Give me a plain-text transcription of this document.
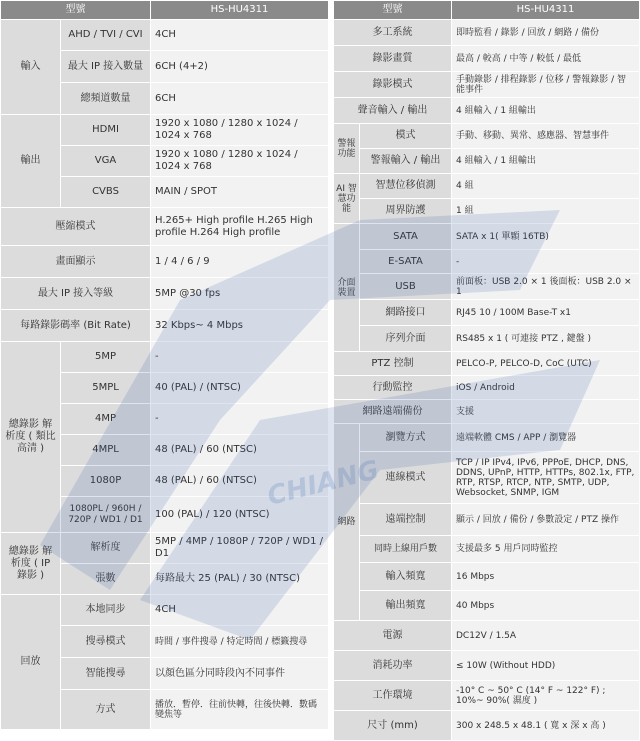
型號		HS-HU4311
輸入	AHD / TVI / CVI	4CH
	最大 IP 接入數量	6CH (4+2)
	總頻道數量	6CH
輸出	HDMI	1920 x 1080 / 1280 x 1024 / 1024 x 768
	VGA	1920 x 1080 / 1280 x 1024 / 1024 x 768
	CVBS	MAIN / SPOT
壓縮模式		H.265+ High profile H.265 High profile H.264 High profile
畫面顯示		1 / 4 / 6 / 9
最大 IP 接入等級		5MP @30 fps
每路錄影碼率 (Bit Rate)		32 Kbps~ 4 Mbps
總錄影 解析度 ( 類比高清 )	5MP	-
	5MPL	40 (PAL) / (NTSC)
	4MP	-
	4MPL	48 (PAL) / 60 (NTSC)
	1080P	48 (PAL) / 60 (NTSC)
	1080PL / 960H / 720P / WD1 / D1	100 (PAL) / 120 (NTSC)
總錄影 解析度 ( IP 錄影 )	解析度	5MP / 4MP / 1080P / 720P / WD1 / D1
	張數	每路最大 25 (PAL) / 30 (NTSC)
回放	本地同步	4CH
	搜尋模式	時間 / 事件搜尋 / 特定時間 / 標籤搜尋
	智能搜尋	以顏色區分同時段內不同事件
	方式	播放．暫停．往前快轉，往後快轉．數碼變焦等
型號		HS-HU4311
多工系統		即時監看 / 錄影 / 回放 / 網路 / 備份
錄影畫質		最高 / 較高 / 中等 / 較低 / 最低
錄影模式		手動錄影 / 排程錄影 / 位移 / 警報錄影 / 智能事件
聲音輸入 / 輸出		4 組輸入 / 1 組輸出
警報 功能	模式	手動、移動、異常、感應器、智慧事件
	警報輸入 / 輸出	4 組輸入 / 1 組輸出
AI 智 慧功 能	智慧位移偵測	4 組
	周界防護	1 組
介面 裝置	SATA	SATA x 1( 單顆 16TB)
	E-SATA	-
	USB	前面板：USB 2.0 × 1 後面板：USB 2.0 × 1
	網路接口	RJ45 10 / 100M Base-T x1
	序列介面	RS485 x 1 ( 可連接 PTZ , 鍵盤 )
PTZ 控制		PELCO-P, PELCO-D, CoC (UTC)
行動監控		iOS / Android
網路遠端備份		支援
網路	瀏覽方式	遠端軟體 CMS / APP / 瀏覽器
	連線模式	TCP / IP IPv4, IPv6, PPPoE, DHCP, DNS, DDNS, UPnP, HTTP, HTTPs, 802.1x, FTP, RTP, RTSP, RTCP, NTP, SMTP, UDP, Websocket, SNMP, IGM
	遠端控制	顯示 / 回放 / 備份 / 參數設定 / PTZ 操作
	同時上線用戶數	支援最多 5 用戶同時監控
	輸入頻寬	16 Mbps
	輸出頻寬	40 Mbps
電源		DC12V / 1.5A
消耗功率		≤ 10W (Without HDD)
工作環境		-10° C ~ 50° C (14° F ~ 122° F) ; 10%~ 90%( 濕度 )
尺寸 (mm)		300 x 248.5 x 48.1 ( 寬 x 深 x 高 )
